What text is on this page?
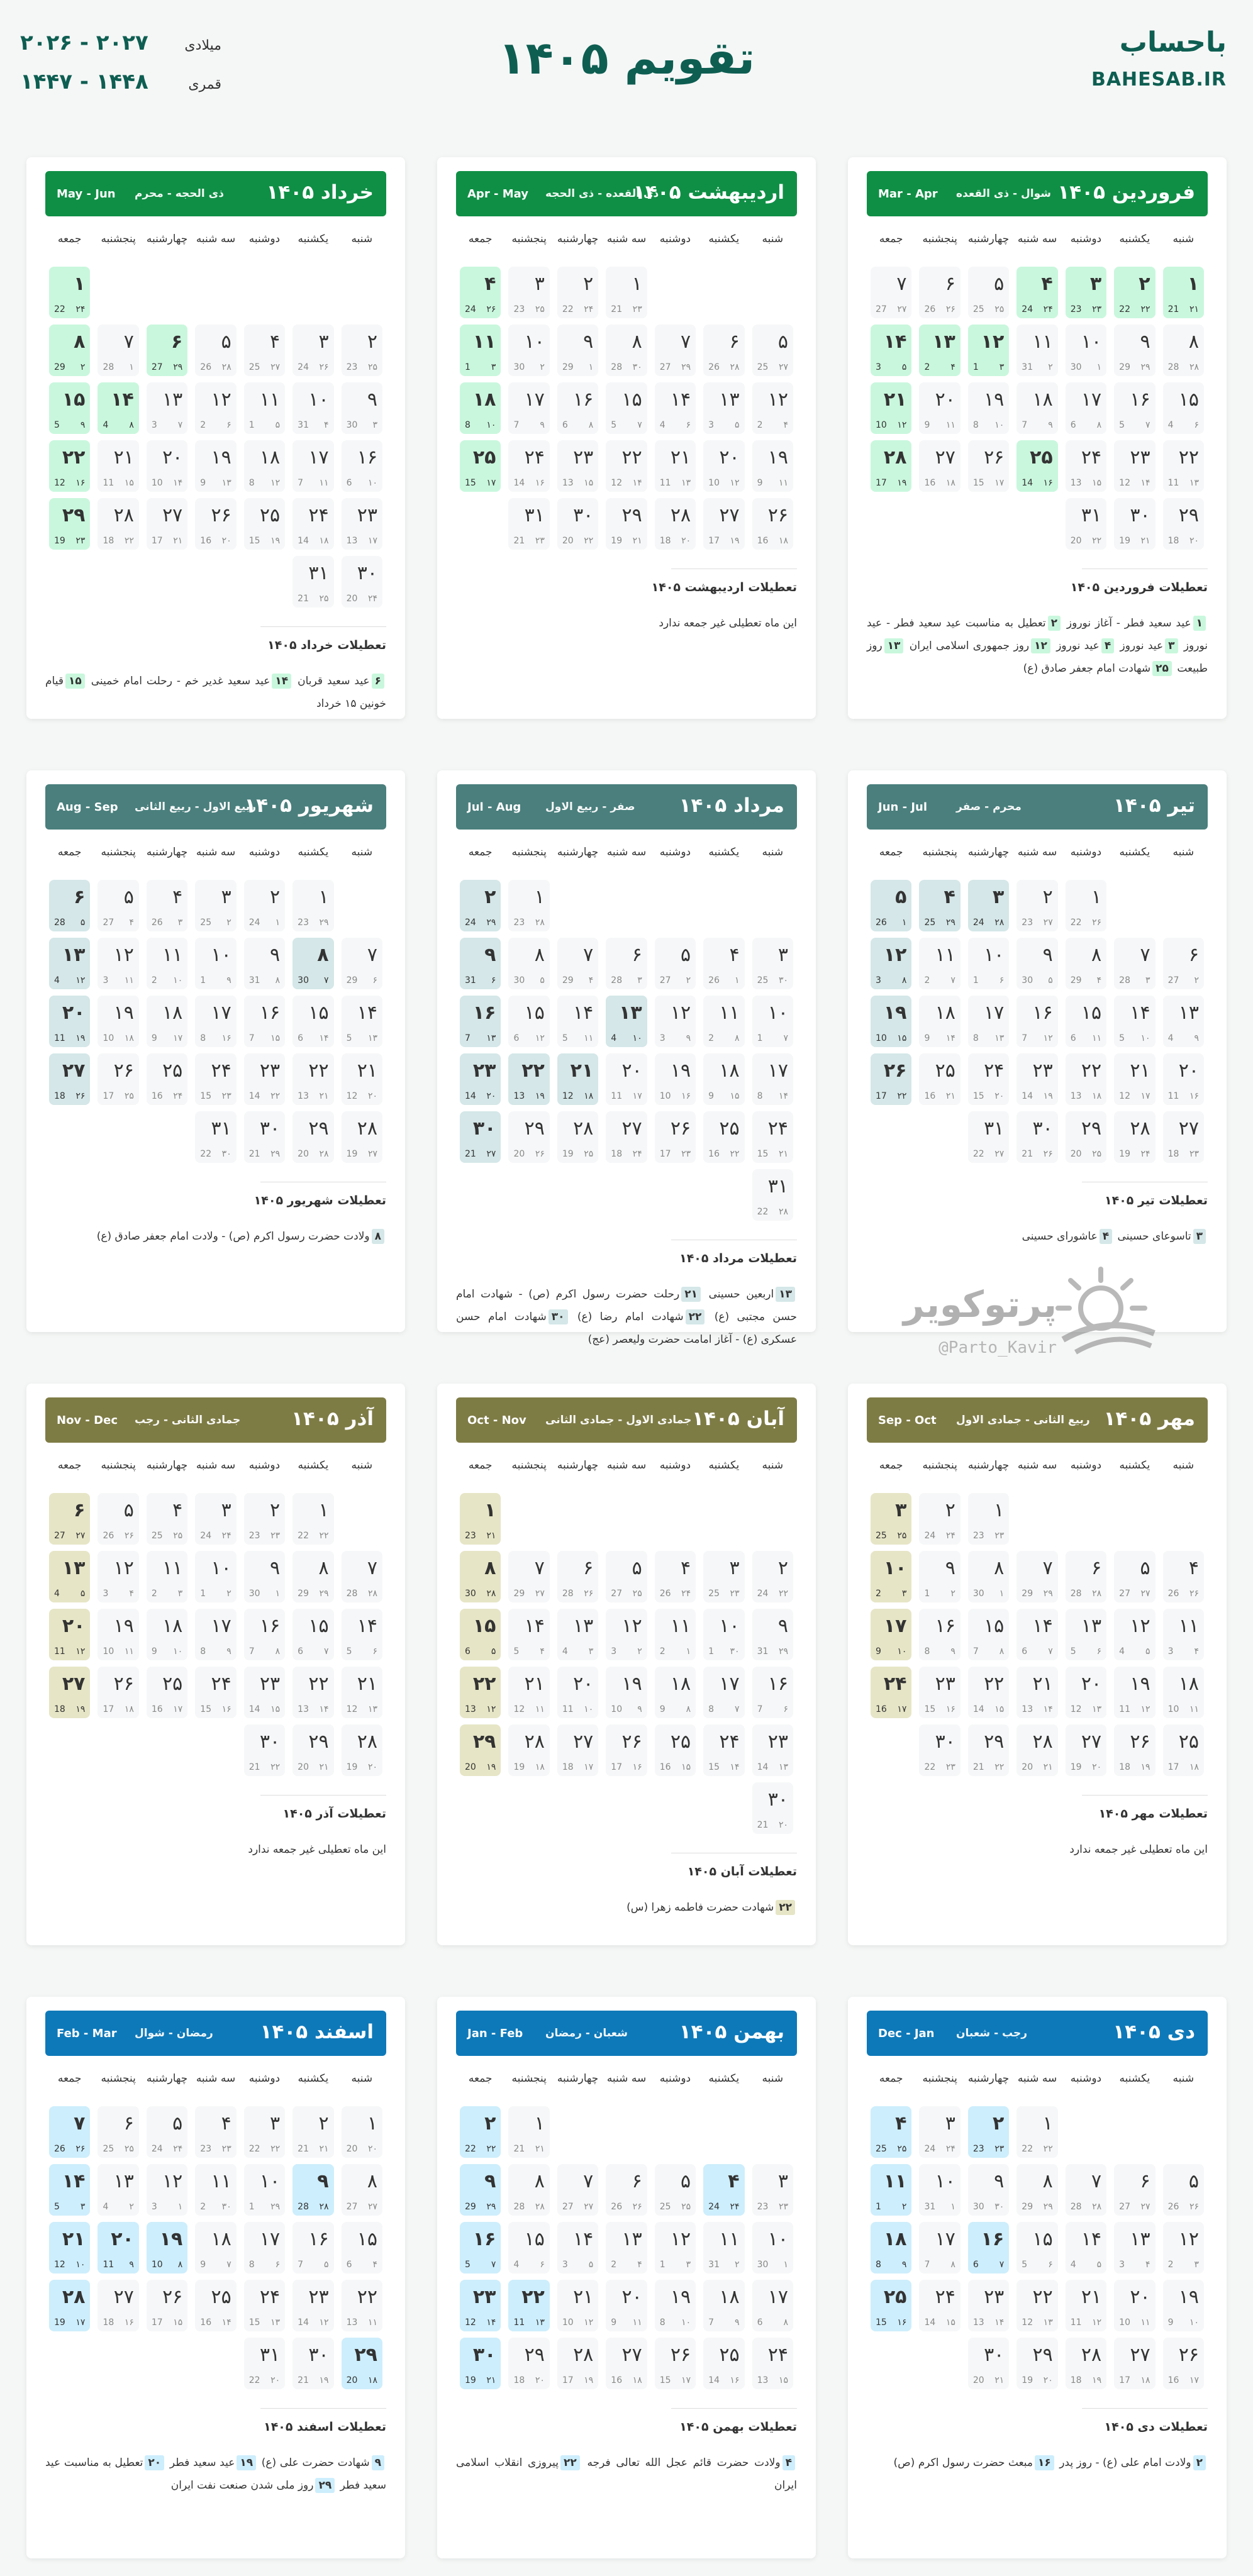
باحساب
BAHESAB.IR
تقویم ۱۴۰۵
۲۰۲۶ - ۲۰۲۷	میلادی
۱۴۴۷ - ۱۴۴۸	قمری
فروردین ۱۴۰۵
شوال - ذی القعده
Mar - Apr
شنبه
یکشنبه
دوشنبه
سه شنبه
چهارشنبه
پنجشنبه
جمعه
۱
۲۱
21
۲
۲۲
22
۳
۲۳
23
۴
۲۴
24
۵
۲۵
25
۶
۲۶
26
۷
۲۷
27
۸
۲۸
28
۹
۲۹
29
۱۰
۱
30
۱۱
۲
31
۱۲
۳
1
۱۳
۴
2
۱۴
۵
3
۱۵
۶
4
۱۶
۷
5
۱۷
۸
6
۱۸
۹
7
۱۹
۱۰
8
۲۰
۱۱
9
۲۱
۱۲
10
۲۲
۱۳
11
۲۳
۱۴
12
۲۴
۱۵
13
۲۵
۱۶
14
۲۶
۱۷
15
۲۷
۱۸
16
۲۸
۱۹
17
۲۹
۲۰
18
۳۰
۲۱
19
۳۱
۲۲
20
تعطیلات فروردین ۱۴۰۵
۱عید سعید فطر - آغاز نوروز ۲تعطیل به مناسبت عید سعید فطر - عید نوروز ۳عید نوروز ۴عید نوروز ۱۲روز جمهوری اسلامی ایران ۱۳روز طبیعت ۲۵شهادت امام جعفر صادق (ع)
اردیبهشت ۱۴۰۵
ذی القعده - ذی الحجه
Apr - May
شنبه
یکشنبه
دوشنبه
سه شنبه
چهارشنبه
پنجشنبه
جمعه
۱
۲۳
21
۲
۲۴
22
۳
۲۵
23
۴
۲۶
24
۵
۲۷
25
۶
۲۸
26
۷
۲۹
27
۸
۳۰
28
۹
۱
29
۱۰
۲
30
۱۱
۳
1
۱۲
۴
2
۱۳
۵
3
۱۴
۶
4
۱۵
۷
5
۱۶
۸
6
۱۷
۹
7
۱۸
۱۰
8
۱۹
۱۱
9
۲۰
۱۲
10
۲۱
۱۳
11
۲۲
۱۴
12
۲۳
۱۵
13
۲۴
۱۶
14
۲۵
۱۷
15
۲۶
۱۸
16
۲۷
۱۹
17
۲۸
۲۰
18
۲۹
۲۱
19
۳۰
۲۲
20
۳۱
۲۳
21
تعطیلات اردیبهشت ۱۴۰۵
این ماه تعطیلی غیر جمعه ندارد
خرداد ۱۴۰۵
ذی الحجه - محرم
May - Jun
شنبه
یکشنبه
دوشنبه
سه شنبه
چهارشنبه
پنجشنبه
جمعه
۱
۲۴
22
۲
۲۵
23
۳
۲۶
24
۴
۲۷
25
۵
۲۸
26
۶
۲۹
27
۷
۱
28
۸
۲
29
۹
۳
30
۱۰
۴
31
۱۱
۵
1
۱۲
۶
2
۱۳
۷
3
۱۴
۸
4
۱۵
۹
5
۱۶
۱۰
6
۱۷
۱۱
7
۱۸
۱۲
8
۱۹
۱۳
9
۲۰
۱۴
10
۲۱
۱۵
11
۲۲
۱۶
12
۲۳
۱۷
13
۲۴
۱۸
14
۲۵
۱۹
15
۲۶
۲۰
16
۲۷
۲۱
17
۲۸
۲۲
18
۲۹
۲۳
19
۳۰
۲۴
20
۳۱
۲۵
21
تعطیلات خرداد ۱۴۰۵
۶عید سعید قربان ۱۴عید سعید غدیر خم - رحلت امام خمینی ۱۵قیام خونین ۱۵ خرداد
تیر ۱۴۰۵
محرم - صفر
Jun - Jul
شنبه
یکشنبه
دوشنبه
سه شنبه
چهارشنبه
پنجشنبه
جمعه
۱
۲۶
22
۲
۲۷
23
۳
۲۸
24
۴
۲۹
25
۵
۱
26
۶
۲
27
۷
۳
28
۸
۴
29
۹
۵
30
۱۰
۶
1
۱۱
۷
2
۱۲
۸
3
۱۳
۹
4
۱۴
۱۰
5
۱۵
۱۱
6
۱۶
۱۲
7
۱۷
۱۳
8
۱۸
۱۴
9
۱۹
۱۵
10
۲۰
۱۶
11
۲۱
۱۷
12
۲۲
۱۸
13
۲۳
۱۹
14
۲۴
۲۰
15
۲۵
۲۱
16
۲۶
۲۲
17
۲۷
۲۳
18
۲۸
۲۴
19
۲۹
۲۵
20
۳۰
۲۶
21
۳۱
۲۷
22
تعطیلات تیر ۱۴۰۵
۳تاسوعای حسینی ۴عاشورای حسینی
مرداد ۱۴۰۵
صفر - ربیع الاول
Jul - Aug
شنبه
یکشنبه
دوشنبه
سه شنبه
چهارشنبه
پنجشنبه
جمعه
۱
۲۸
23
۲
۲۹
24
۳
۳۰
25
۴
۱
26
۵
۲
27
۶
۳
28
۷
۴
29
۸
۵
30
۹
۶
31
۱۰
۷
1
۱۱
۸
2
۱۲
۹
3
۱۳
۱۰
4
۱۴
۱۱
5
۱۵
۱۲
6
۱۶
۱۳
7
۱۷
۱۴
8
۱۸
۱۵
9
۱۹
۱۶
10
۲۰
۱۷
11
۲۱
۱۸
12
۲۲
۱۹
13
۲۳
۲۰
14
۲۴
۲۱
15
۲۵
۲۲
16
۲۶
۲۳
17
۲۷
۲۴
18
۲۸
۲۵
19
۲۹
۲۶
20
۳۰
۲۷
21
۳۱
۲۸
22
تعطیلات مرداد ۱۴۰۵
۱۳اربعین حسینی ۲۱رحلت حضرت رسول اکرم (ص) - شهادت امام حسن مجتبی (ع) ۲۲شهادت امام رضا (ع) ۳۰شهادت امام حسن عسکری (ع) - آغاز امامت حضرت ولیعصر (عج)
شهریور ۱۴۰۵
ربیع الاول - ربیع الثانی
Aug - Sep
شنبه
یکشنبه
دوشنبه
سه شنبه
چهارشنبه
پنجشنبه
جمعه
۱
۲۹
23
۲
۱
24
۳
۲
25
۴
۳
26
۵
۴
27
۶
۵
28
۷
۶
29
۸
۷
30
۹
۸
31
۱۰
۹
1
۱۱
۱۰
2
۱۲
۱۱
3
۱۳
۱۲
4
۱۴
۱۳
5
۱۵
۱۴
6
۱۶
۱۵
7
۱۷
۱۶
8
۱۸
۱۷
9
۱۹
۱۸
10
۲۰
۱۹
11
۲۱
۲۰
12
۲۲
۲۱
13
۲۳
۲۲
14
۲۴
۲۳
15
۲۵
۲۴
16
۲۶
۲۵
17
۲۷
۲۶
18
۲۸
۲۷
19
۲۹
۲۸
20
۳۰
۲۹
21
۳۱
۳۰
22
تعطیلات شهریور ۱۴۰۵
۸ولادت حضرت رسول اکرم (ص) - ولادت امام جعفر صادق (ع)
مهر ۱۴۰۵
ربیع الثانی - جمادی الاول
Sep - Oct
شنبه
یکشنبه
دوشنبه
سه شنبه
چهارشنبه
پنجشنبه
جمعه
۱
۲۳
23
۲
۲۴
24
۳
۲۵
25
۴
۲۶
26
۵
۲۷
27
۶
۲۸
28
۷
۲۹
29
۸
۱
30
۹
۲
1
۱۰
۳
2
۱۱
۴
3
۱۲
۵
4
۱۳
۶
5
۱۴
۷
6
۱۵
۸
7
۱۶
۹
8
۱۷
۱۰
9
۱۸
۱۱
10
۱۹
۱۲
11
۲۰
۱۳
12
۲۱
۱۴
13
۲۲
۱۵
14
۲۳
۱۶
15
۲۴
۱۷
16
۲۵
۱۸
17
۲۶
۱۹
18
۲۷
۲۰
19
۲۸
۲۱
20
۲۹
۲۲
21
۳۰
۲۳
22
تعطیلات مهر ۱۴۰۵
این ماه تعطیلی غیر جمعه ندارد
آبان ۱۴۰۵
جمادی الاول - جمادی الثانی
Oct - Nov
شنبه
یکشنبه
دوشنبه
سه شنبه
چهارشنبه
پنجشنبه
جمعه
۱
۲۱
23
۲
۲۲
24
۳
۲۳
25
۴
۲۴
26
۵
۲۵
27
۶
۲۶
28
۷
۲۷
29
۸
۲۸
30
۹
۲۹
31
۱۰
۳۰
1
۱۱
۱
2
۱۲
۲
3
۱۳
۳
4
۱۴
۴
5
۱۵
۵
6
۱۶
۶
7
۱۷
۷
8
۱۸
۸
9
۱۹
۹
10
۲۰
۱۰
11
۲۱
۱۱
12
۲۲
۱۲
13
۲۳
۱۳
14
۲۴
۱۴
15
۲۵
۱۵
16
۲۶
۱۶
17
۲۷
۱۷
18
۲۸
۱۸
19
۲۹
۱۹
20
۳۰
۲۰
21
تعطیلات آبان ۱۴۰۵
۲۲شهادت حضرت فاطمه زهرا (س)
آذر ۱۴۰۵
جمادی الثانی - رجب
Nov - Dec
شنبه
یکشنبه
دوشنبه
سه شنبه
چهارشنبه
پنجشنبه
جمعه
۱
۲۲
22
۲
۲۳
23
۳
۲۴
24
۴
۲۵
25
۵
۲۶
26
۶
۲۷
27
۷
۲۸
28
۸
۲۹
29
۹
۱
30
۱۰
۲
1
۱۱
۳
2
۱۲
۴
3
۱۳
۵
4
۱۴
۶
5
۱۵
۷
6
۱۶
۸
7
۱۷
۹
8
۱۸
۱۰
9
۱۹
۱۱
10
۲۰
۱۲
11
۲۱
۱۳
12
۲۲
۱۴
13
۲۳
۱۵
14
۲۴
۱۶
15
۲۵
۱۷
16
۲۶
۱۸
17
۲۷
۱۹
18
۲۸
۲۰
19
۲۹
۲۱
20
۳۰
۲۲
21
تعطیلات آذر ۱۴۰۵
این ماه تعطیلی غیر جمعه ندارد
دی ۱۴۰۵
رجب - شعبان
Dec - Jan
شنبه
یکشنبه
دوشنبه
سه شنبه
چهارشنبه
پنجشنبه
جمعه
۱
۲۲
22
۲
۲۳
23
۳
۲۴
24
۴
۲۵
25
۵
۲۶
26
۶
۲۷
27
۷
۲۸
28
۸
۲۹
29
۹
۳۰
30
۱۰
۱
31
۱۱
۲
1
۱۲
۳
2
۱۳
۴
3
۱۴
۵
4
۱۵
۶
5
۱۶
۷
6
۱۷
۸
7
۱۸
۹
8
۱۹
۱۰
9
۲۰
۱۱
10
۲۱
۱۲
11
۲۲
۱۳
12
۲۳
۱۴
13
۲۴
۱۵
14
۲۵
۱۶
15
۲۶
۱۷
16
۲۷
۱۸
17
۲۸
۱۹
18
۲۹
۲۰
19
۳۰
۲۱
20
تعطیلات دی ۱۴۰۵
۲ولادت امام علی (ع) - روز پدر ۱۶مبعث حضرت رسول اکرم (ص)
بهمن ۱۴۰۵
شعبان - رمضان
Jan - Feb
شنبه
یکشنبه
دوشنبه
سه شنبه
چهارشنبه
پنجشنبه
جمعه
۱
۲۱
21
۲
۲۲
22
۳
۲۳
23
۴
۲۴
24
۵
۲۵
25
۶
۲۶
26
۷
۲۷
27
۸
۲۸
28
۹
۲۹
29
۱۰
۱
30
۱۱
۲
31
۱۲
۳
1
۱۳
۴
2
۱۴
۵
3
۱۵
۶
4
۱۶
۷
5
۱۷
۸
6
۱۸
۹
7
۱۹
۱۰
8
۲۰
۱۱
9
۲۱
۱۲
10
۲۲
۱۳
11
۲۳
۱۴
12
۲۴
۱۵
13
۲۵
۱۶
14
۲۶
۱۷
15
۲۷
۱۸
16
۲۸
۱۹
17
۲۹
۲۰
18
۳۰
۲۱
19
تعطیلات بهمن ۱۴۰۵
۴ولادت حضرت قائم عجل الله تعالی فرجه ۲۲پیروزی انقلاب اسلامی ایران
اسفند ۱۴۰۵
رمضان - شوال
Feb - Mar
شنبه
یکشنبه
دوشنبه
سه شنبه
چهارشنبه
پنجشنبه
جمعه
۱
۲۰
20
۲
۲۱
21
۳
۲۲
22
۴
۲۳
23
۵
۲۴
24
۶
۲۵
25
۷
۲۶
26
۸
۲۷
27
۹
۲۸
28
۱۰
۲۹
1
۱۱
۳۰
2
۱۲
۱
3
۱۳
۲
4
۱۴
۳
5
۱۵
۴
6
۱۶
۵
7
۱۷
۶
8
۱۸
۷
9
۱۹
۸
10
۲۰
۹
11
۲۱
۱۰
12
۲۲
۱۱
13
۲۳
۱۲
14
۲۴
۱۳
15
۲۵
۱۴
16
۲۶
۱۵
17
۲۷
۱۶
18
۲۸
۱۷
19
۲۹
۱۸
20
۳۰
۱۹
21
۳۱
۲۰
22
تعطیلات اسفند ۱۴۰۵
۹شهادت حضرت علی (ع) ۱۹عید سعید فطر ۲۰تعطیل به مناسبت عید سعید فطر ۲۹روز ملی شدن صنعت نفت ایران
پرتوکویر
@Parto_Kavir
